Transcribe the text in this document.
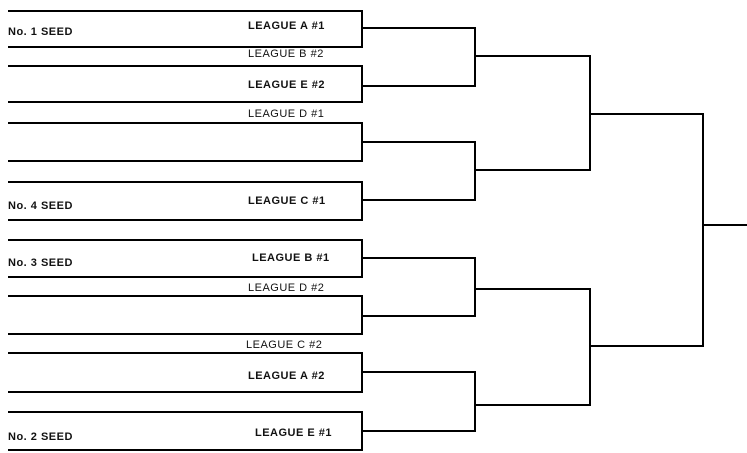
No. 1 SEED
No. 4 SEED
No. 3 SEED
No. 2 SEED
LEAGUE A #1
LEAGUE B #2
LEAGUE E #2
LEAGUE D #1
LEAGUE C #1
LEAGUE B #1
LEAGUE D #2
LEAGUE C #2
LEAGUE A #2
LEAGUE E #1
